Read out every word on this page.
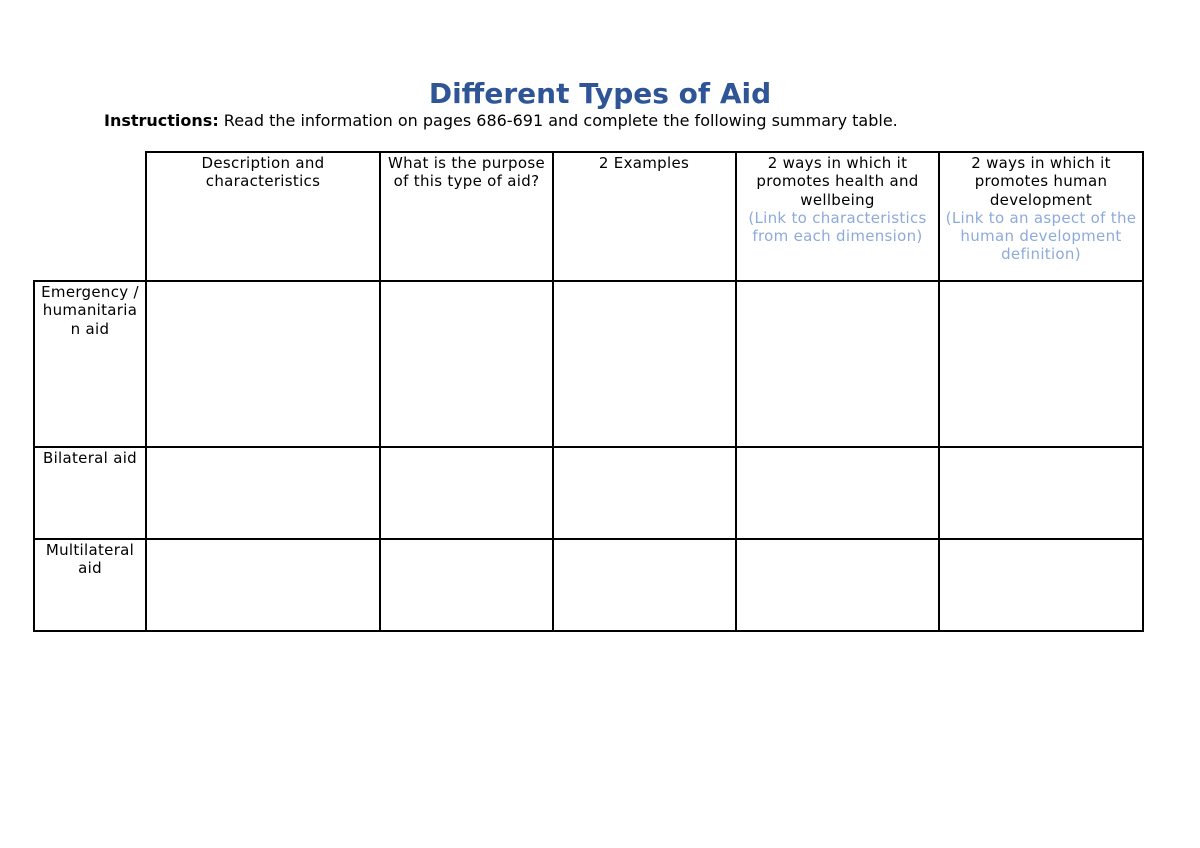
Different Types of Aid
Instructions: Read the information on pages 686-691 and complete the following summary table.
Description and characteristics
What is the purpose of this type of aid?
2 Examples	2 ways in which it promotes health and wellbeing
(Link to characteristics from each dimension)
2 ways in which it promotes human development
(Link to an aspect of the human development definition)
Emergency / humanitarian aid
Bilateral aid
Multilateral aid
